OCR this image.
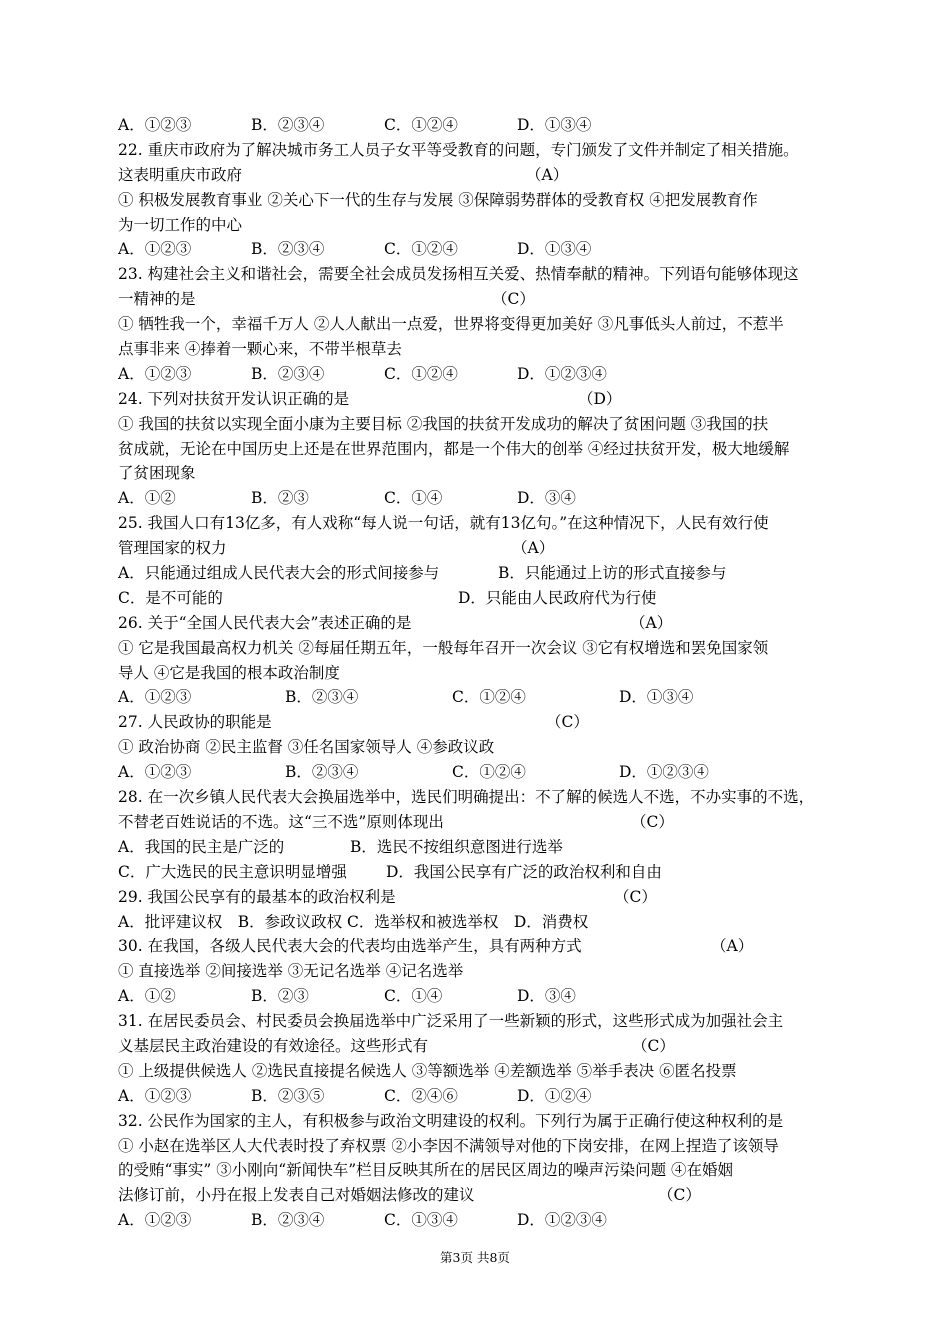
A．①②③	B．②③④	C．①②④	D．①③④
22. 重庆市政府为了解决城市务工人员子女平等受教育的问题，专门颁发了文件并制定了相关措施。
这表明重庆市政府	（A）
① 积极发展教育事业 ②关心下一代的生存与发展 ③保障弱势群体的受教育权 ④把发展教育作
为一切工作的中心
A．①②③	B．②③④	C．①②④	D．①③④
23. 构建社会主义和谐社会，需要全社会成员发扬相互关爱、热情奉献的精神。下列语句能够体现这
一精神的是	（C）
① 牺牲我一个，幸福千万人 ②人人献出一点爱，世界将变得更加美好 ③凡事低头人前过，不惹半
点事非来 ④捧着一颗心来，不带半根草去
A．①②③	B．②③④	C．①②④	D．①②③④
24. 下列对扶贫开发认识正确的是	（D）
① 我国的扶贫以实现全面小康为主要目标 ②我国的扶贫开发成功的解决了贫困问题 ③我国的扶
贫成就，无论在中国历史上还是在世界范围内，都是一个伟大的创举 ④经过扶贫开发，极大地缓解
了贫困现象
A．①②	B．②③	C．①④	D．③④
25. 我国人口有13亿多，有人戏称“每人说一句话，就有13亿句。”在这种情况下，人民有效行使
管理国家的权力	（A）
A．只能通过组成人民代表大会的形式间接参与	B．只能通过上访的形式直接参与
C．是不可能的	D．只能由人民政府代为行使
26. 关于“全国人民代表大会”表述正确的是	（A）
① 它是我国最高权力机关 ②每届任期五年，一般每年召开一次会议 ③它有权增选和罢免国家领
导人 ④它是我国的根本政治制度
A．①②③	B．②③④	C．①②④	D．①③④
27. 人民政协的职能是	（C）
① 政治协商 ②民主监督 ③任名国家领导人 ④参政议政
A．①②③	B．②③④	C．①②④	D．①②③④
28. 在一次乡镇人民代表大会换届选举中，选民们明确提出：不了解的候选人不选，不办实事的不选，
不替老百姓说话的不选。这“三不选”原则体现出	（C）
A．我国的民主是广泛的	B．选民不按组织意图进行选举
C．广大选民的民主意识明显增强	D．我国公民享有广泛的政治权利和自由
29. 我国公民享有的最基本的政治权利是	（C）
A．批评建议权　B．参政议政权 C．选举权和被选举权　D．消费权
30. 在我国，各级人民代表大会的代表均由选举产生，具有两种方式	（A）
① 直接选举 ②间接选举 ③无记名选举 ④记名选举
A．①②	B．②③	C．①④	D．③④
31. 在居民委员会、村民委员会换届选举中广泛采用了一些新颖的形式，这些形式成为加强社会主
义基层民主政治建设的有效途径。这些形式有	（C）
① 上级提供候选人 ②选民直接提名候选人 ③等额选举 ④差额选举 ⑤举手表决 ⑥匿名投票
A．①②③	B．②③⑤	C．②④⑥	D．①②④
32. 公民作为国家的主人，有积极参与政治文明建设的权利。下列行为属于正确行使这种权利的是
① 小赵在选举区人大代表时投了弃权票 ②小李因不满领导对他的下岗安排，在网上捏造了该领导
的受贿“事实” ③小刚向“新闻快车”栏目反映其所在的居民区周边的噪声污染问题 ④在婚姻
法修订前，小丹在报上发表自己对婚姻法修改的建议	（C）
A．①②③	B．②③④	C．①③④	D．①②③④
第3页 共8页
